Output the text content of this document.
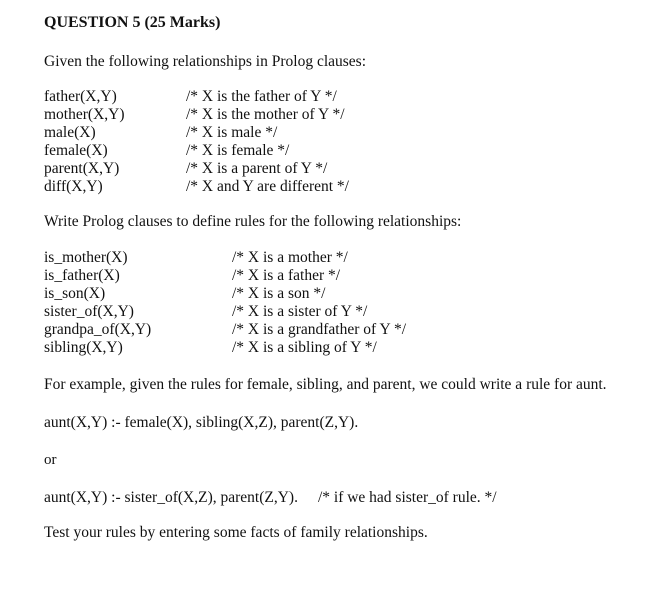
QUESTION 5 (25 Marks)
Given the following relationships in Prolog clauses:
father(X,Y)	/* X is the father of Y */
mother(X,Y)	/* X is the mother of Y */
male(X)	/* X is male */
female(X)	/* X is female */
parent(X,Y)	/* X is a parent of Y */
diff(X,Y)	/* X and Y are different */
Write Prolog clauses to define rules for the following relationships:
is_mother(X)	/* X is a mother */
is_father(X)	/* X is a father */
is_son(X)	/* X is a son */
sister_of(X,Y)	/* X is a sister of Y */
grandpa_of(X,Y)	/* X is a grandfather of Y */
sibling(X,Y)	/* X is a sibling of Y */
For example, given the rules for female, sibling, and parent, we could write a rule for aunt.
aunt(X,Y) :- female(X), sibling(X,Z), parent(Z,Y).
or
aunt(X,Y) :- sister_of(X,Z), parent(Z,Y). /* if we had sister_of rule. */
Test your rules by entering some facts of family relationships.
